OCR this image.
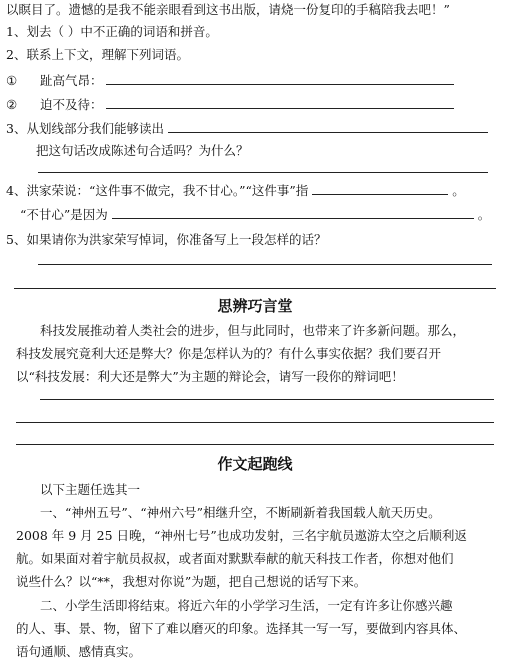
以瞑目了。遗憾的是我不能亲眼看到这书出版，请烧一份复印的手稿陪我去吧！”
1、划去（ ）中不正确的词语和拼音。
2、联系上下文，理解下列词语。
① 趾高气昂：
② 迫不及待：
3、从划线部分我们能够读出
把这句话改成陈述句合适吗？为什么？
4、洪家荣说：“这件事不做完，我不甘心。”“这件事”指	。
“不甘心”是因为	。
5、如果请你为洪家荣写悼词，你准备写上一段怎样的话？
思辨巧言堂
科技发展推动着人类社会的进步，但与此同时，也带来了许多新问题。那么，
科技发展究竟利大还是弊大？你是怎样认为的？有什么事实依据？我们要召开
以“科技发展：利大还是弊大”为主题的辩论会，请写一段你的辩词吧！
作文起跑线
以下主题任选其一
一、“神州五号”、“神州六号”相继升空，不断刷新着我国载人航天历史。
2008 年 9 月 25 日晚，“神州七号”也成功发射，三名宇航员遨游太空之后顺利返
航。如果面对着宇航员叔叔，或者面对默默奉献的航天科技工作者，你想对他们
说些什么？以“**，我想对你说”为题，把自己想说的话写下来。
二、小学生活即将结束。将近六年的小学学习生活，一定有许多让你感兴趣
的人、事、景、物，留下了难以磨灭的印象。选择其一写一写，要做到内容具体、
语句通顺、感情真实。
